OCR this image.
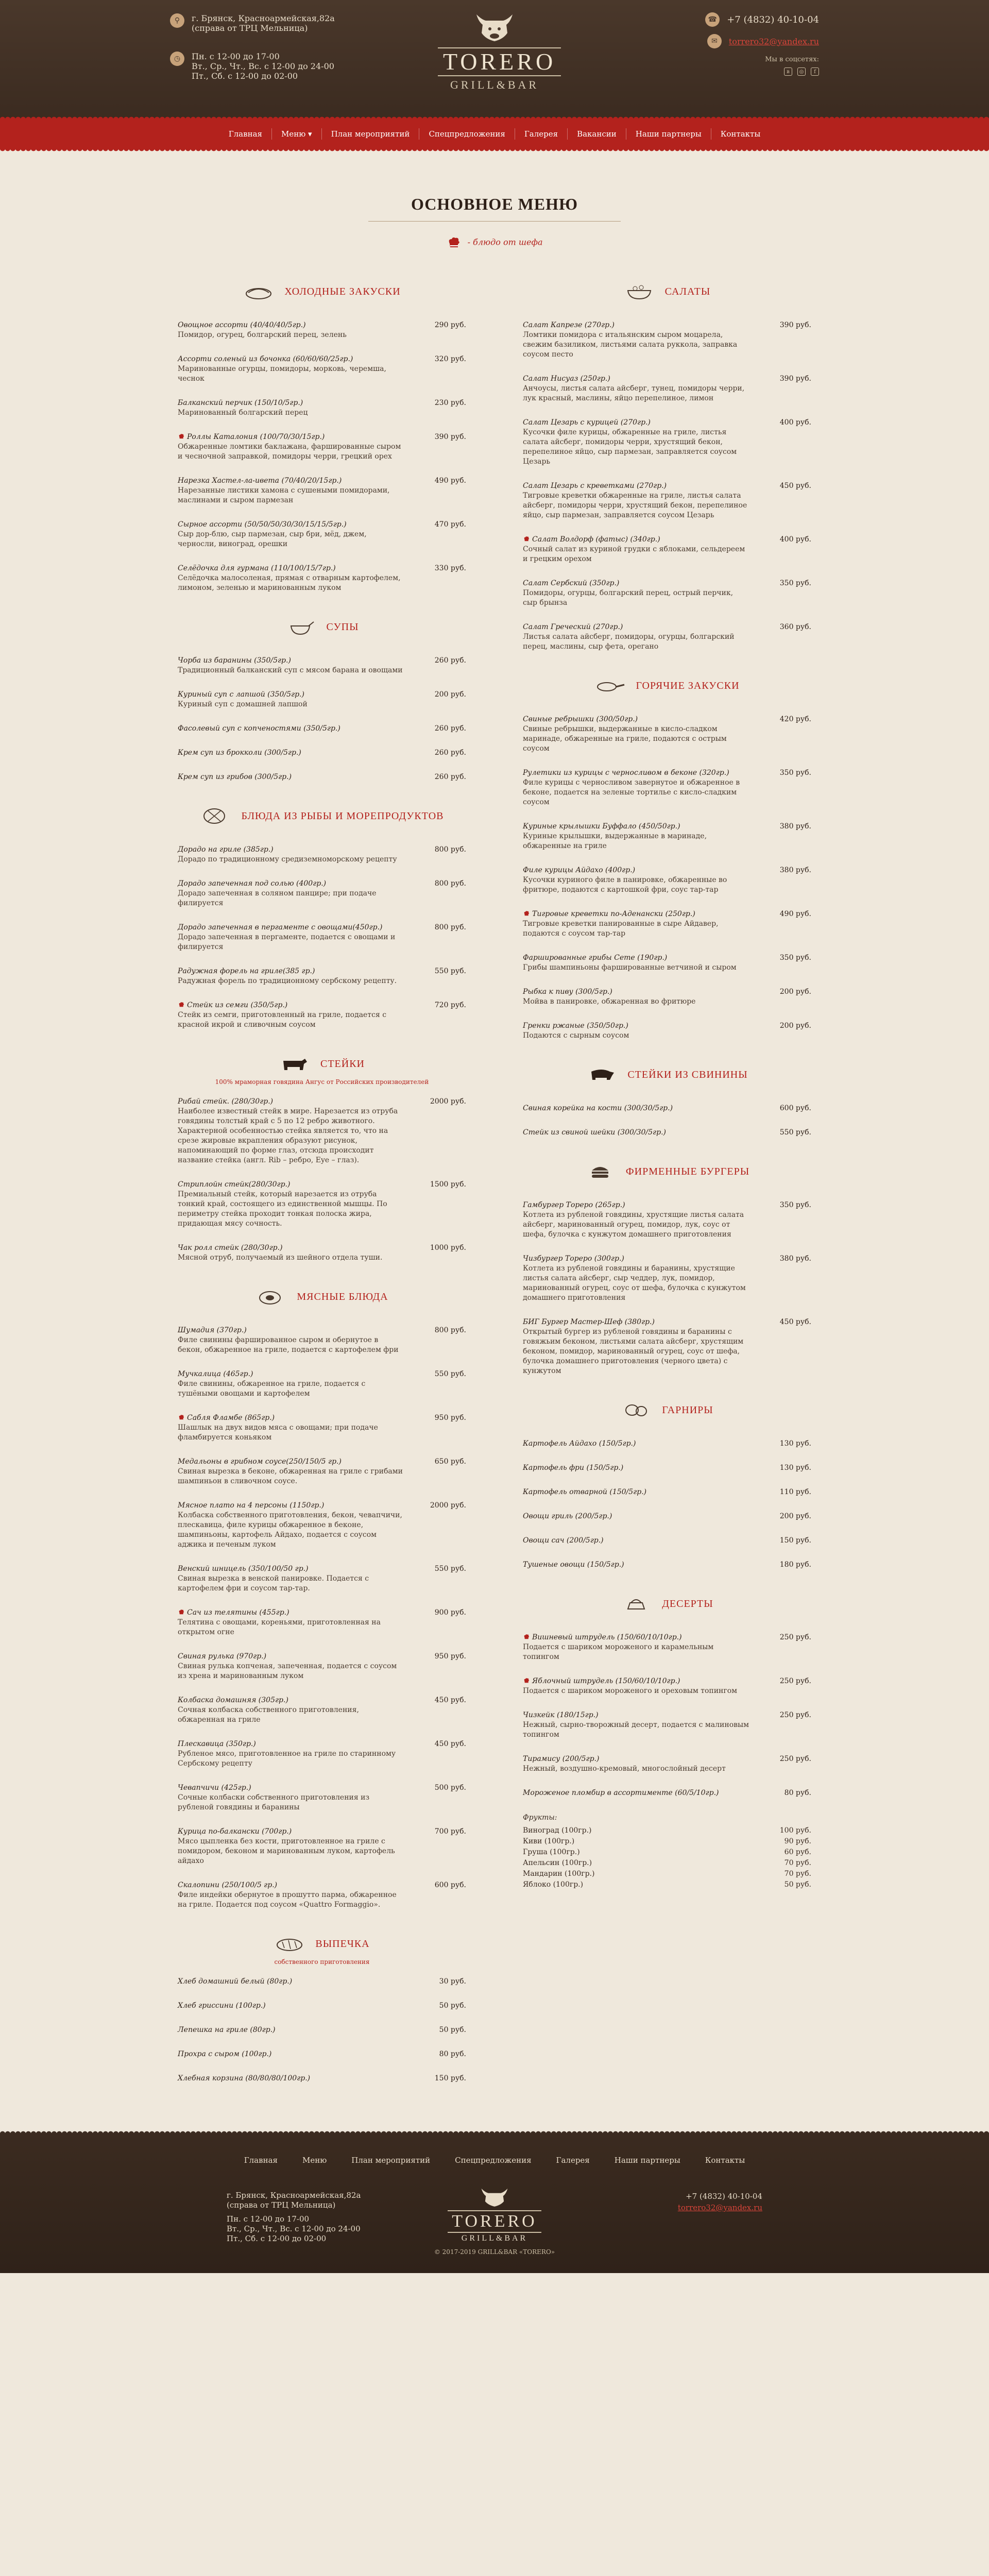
⚲	г. Брянск, Красноармейская,82а
(справа от ТРЦ Мельница)
◷	Пн. с 12-00 до 17-00
Вт., Ср., Чт., Вс. с 12-00 до 24-00
Пт., Сб. с 12-00 до 02-00
TORERO
GRILL&BAR
☎ +7 (4832) 40-10-04
✉	torrero32@yandex.ru
Мы в соцсетях:
в	◎	f
Главная	Меню ▾	План мероприятий	Спецпредложения	Галерея	Вакансии	Наши партнеры	Контакты
ОСНОВНОЕ МЕНЮ
- блюдо от шефа
ХОЛОДНЫЕ ЗАКУСКИ
Овощное ассорти (40/40/40/5гр.)
Помидор, огурец, болгарский перец, зелень
290 руб.
Ассорти соленый из бочонка (60/60/60/25гр.)
Маринованные огурцы, помидоры, морковь, черемша, чеснок
320 руб.
Балканский перчик (150/10/5гр.)
Маринованный болгарский перец
230 руб.
Роллы Каталония (100/70/30/15гр.)
Обжаренные ломтики баклажана, фаршированные сыром и чесночной заправкой, помидоры черри, грецкий орех
390 руб.
Нарезка Хастел-ла-ивета (70/40/20/15гр.)
Нарезанные листики хамона с сушеными помидорами, маслинами и сыром пармезан
490 руб.
Сырное ассорти (50/50/50/30/30/15/15/5гр.)
Сыр дор-блю, сыр пармезан, сыр бри, мёд, джем, черносли, виноград, орешки
470 руб.
Селёдочка для гурмана (110/100/15/7гр.)
Селёдочка малосоленая, прямая с отварным картофелем, лимоном, зеленью и маринованным луком
330 руб.
СУПЫ
Чорба из баранины (350/5гр.)
Традиционный балканский суп с мясом барана и овощами
260 руб.
Куриный суп с лапшой (350/5гр.)
Куриный суп с домашней лапшой
200 руб.
Фасолевый суп с копченостями (350/5гр.)	260 руб.
Крем суп из брокколи (300/5гр.)	260 руб.
Крем суп из грибов (300/5гр.)	260 руб.
БЛЮДА ИЗ РЫБЫ И МОРЕПРОДУКТОВ
Дорадо на гриле (385гр.)
Дорадо по традиционному средиземноморскому рецепту
800 руб.
Дорадо запеченная под солью (400гр.)
Дорадо запеченная в соляном панцире; при подаче филируется
800 руб.
Дорадо запеченная в пергаменте с овощами(450гр.)
Дорадо запеченная в пергаменте, подается с овощами и филируется
800 руб.
Радужная форель на гриле(385 гр.)
Радужная форель по традиционному сербскому рецепту.
550 руб.
Стейк из семги (350/5гр.)
Стейк из семги, приготовленный на гриле, подается с красной икрой и сливочным соусом
720 руб.
СТЕЙКИ
100% мраморная говядина Ангус от Российских производителей
Рибай стейк. (280/30гр.)
Наиболее известный стейк в мире. Нарезается из отруба говядины толстый край с 5 по 12 ребро животного. Характерной особенностью стейка является то, что на срезе жировые вкрапления образуют рисунок, напоминающий по форме глаз, отсюда происходит название стейка (англ. Rib – ребро, Eye – глаз).
2000 руб.
Стриплойн стейк(280/30гр.)
Премиальный стейк, который нарезается из отруба тонкий край, состоящего из единственной мышцы. По периметру стейка проходит тонкая полоска жира, придающая мясу сочность.
1500 руб.
Чак ролл стейк (280/30гр.)
Мясной отруб, получаемый из шейного отдела туши.
1000 руб.
МЯСНЫЕ БЛЮДА
Шумадия (370гр.)
Филе свинины фаршированное сыром и обернутое в бекон, обжаренное на гриле, подается с картофелем фри
800 руб.
Мучкалица (465гр.)
Филе свинины, обжаренное на гриле, подается с тушёными овощами и картофелем
550 руб.
Сабля Фламбе (865гр.)
Шашлык на двух видов мяса с овощами; при подаче фламбируется коньяком
950 руб.
Медальоны в грибном соусе(250/150/5 гр.)
Свиная вырезка в беконе, обжаренная на гриле с грибами шампиньон в сливочном соусе.
650 руб.
Мясное плато на 4 персоны (1150гр.)
Колбаска собственного приготовления, бекон, чевапчичи, плескавица, филе курицы обжаренное в беконе, шампиньоны, картофель Айдахо, подается с соусом аджика и печеным луком
2000 руб.
Венский шницель (350/100/50 гр.)
Свиная вырезка в венской панировке. Подается с картофелем фри и соусом тар-тар.
550 руб.
Сач из телятины (455гр.)
Телятина с овощами, кореньями, приготовленная на открытом огне
900 руб.
Свиная рулька (970гр.)
Свиная рулька копченая, запеченная, подается с соусом из хрена и маринованным луком
950 руб.
Колбаска домашняя (305гр.)
Сочная колбаска собственного приготовления, обжаренная на гриле
450 руб.
Плескавица (350гр.)
Рубленое мясо, приготовленное на гриле по старинному Сербскому рецепту
450 руб.
Чевапчичи (425гр.)
Сочные колбаски собственного приготовления из рубленой говядины и баранины
500 руб.
Курица по-балкански (700гр.)
Мясо цыпленка без кости, приготовленное на гриле с помидором, беконом и маринованным луком, картофель айдахо
700 руб.
Скалопини (250/100/5 гр.)
Филе индейки обернутое в прошутто парма, обжаренное на гриле. Подается под соусом «Quattro Formaggio».
600 руб.
ВЫПЕЧКА
собственного приготовления
Хлеб домашний белый (80гр.)	30 руб.
Хлеб гриссини (100гр.)	50 руб.
Лепешка на гриле (80гр.)	50 руб.
Прохра с сыром (100гр.)	80 руб.
Хлебная корзина (80/80/80/100гр.)	150 руб.
САЛАТЫ
Салат Капрезе (270гр.)
Ломтики помидора с итальянским сыром моцарела, свежим базиликом, листьями салата руккола, заправка соусом песто
390 руб.
Салат Нисуаз (250гр.)
Анчоусы, листья салата айсберг, тунец, помидоры черри, лук красный, маслины, яйцо перепелиное, лимон
390 руб.
Салат Цезарь с курицей (270гр.)
Кусочки филе курицы, обжаренные на гриле, листья салата айсберг, помидоры черри, хрустящий бекон, перепелиное яйцо, сыр пармезан, заправляется соусом Цезарь
400 руб.
Салат Цезарь с креветками (270гр.)
Тигровые креветки обжаренные на гриле, листья салата айсберг, помидоры черри, хрустящий бекон, перепелиное яйцо, сыр пармезан, заправляется соусом Цезарь
450 руб.
Салат Волдорф (фатыс) (340гр.)
Сочный салат из куриной грудки с яблоками, сельдереем и грецким орехом
400 руб.
Салат Сербский (350гр.)
Помидоры, огурцы, болгарский перец, острый перчик, сыр брынза
350 руб.
Салат Греческий (270гр.)
Листья салата айсберг, помидоры, огурцы, болгарский перец, маслины, сыр фета, орегано
360 руб.
ГОРЯЧИЕ ЗАКУСКИ
Свиные ребрышки (300/50гр.)
Свиные ребрышки, выдержанные в кисло-сладком маринаде, обжаренные на гриле, подаются с острым соусом
420 руб.
Рулетики из курицы с черносливом в беконе (320гр.)
Филе курицы с черносливом завернутое и обжаренное в беконе, подается на зеленые тортилье с кисло-сладким соусом
350 руб.
Куриные крылышки Буффало (450/50гр.)
Куриные крылышки, выдержанные в маринаде, обжаренные на гриле
380 руб.
Филе курицы Айдахо (400гр.)
Кусочки куриного филе в панировке, обжаренные во фритюре, подаются с картошкой фри, соус тар-тар
380 руб.
Тигровые креветки по-Аденански (250гр.)
Тигровые креветки панированные в сыре Айдавер, подаются с соусом тар-тар
490 руб.
Фаршированные грибы Сете (190гр.)
Грибы шампиньоны фаршированные ветчиной и сыром
350 руб.
Рыбка к пиву (300/5гр.)
Мойва в панировке, обжаренная во фритюре
200 руб.
Гренки ржаные (350/50гр.)
Подаются с сырным соусом
200 руб.
СТЕЙКИ ИЗ СВИНИНЫ
Свиная корейка на кости (300/30/5гр.)	600 руб.
Стейк из свиной шейки (300/30/5гр.)	550 руб.
ФИРМЕННЫЕ БУРГЕРЫ
Гамбургер Тореро (265гр.)
Котлета из рубленой говядины, хрустящие листья салата айсберг, маринованный огурец, помидор, лук, соус от шефа, булочка с кунжутом домашнего приготовления
350 руб.
Чизбургер Тореро (300гр.)
Котлета из рубленой говядины и баранины, хрустящие листья салата айсберг, сыр чеддер, лук, помидор, маринованный огурец, соус от шефа, булочка с кунжутом домашнего приготовления
380 руб.
БИГ Бургер Мастер-Шеф (380гр.)
Открытый бургер из рубленой говядины и баранины с говяжьим беконом, листьями салата айсберг, хрустящим беконом, помидор, маринованный огурец, соус от шефа, булочка домашнего приготовления (черного цвета) с кунжутом
450 руб.
ГАРНИРЫ
Картофель Айдахо (150/5гр.)	130 руб.
Картофель фри (150/5гр.)	130 руб.
Картофель отварной (150/5гр.)	110 руб.
Овощи гриль (200/5гр.)	200 руб.
Овощи сач (200/5гр.)	150 руб.
Тушеные овощи (150/5гр.)	180 руб.
ДЕСЕРТЫ
Вишневый штрудель (150/60/10/10гр.)
Подается с шариком мороженого и карамельным топингом
250 руб.
Яблочный штрудель (150/60/10/10гр.)
Подается с шариком мороженого и ореховым топингом
250 руб.
Чизкейк (180/15гр.)
Нежный, сырно-творожный десерт, подается с малиновым топингом
250 руб.
Тирамису (200/5гр.)
Нежный, воздушно-кремовый, многослойный десерт
250 руб.
Мороженое пломбир в ассортименте (60/5/10гр.)	80 руб.
Фрукты:
Виноград (100гр.)	100 руб.
Киви (100гр.)	90 руб.
Груша (100гр.)	60 руб.
Апельсин (100гр.)	70 руб.
Мандарин (100гр.)	70 руб.
Яблоко (100гр.)	50 руб.
Главная	Меню	План мероприятий	Спецпредложения	Галерея	Наши партнеры	Контакты
г. Брянск, Красноармейская,82а
(справа от ТРЦ Мельница)
Пн. с 12-00 до 17-00
Вт., Ср., Чт., Вс. с 12-00 до 24-00
Пт., Сб. с 12-00 до 02-00
TORERO
GRILL&BAR
© 2017-2019 GRILL&BAR «TORERO»
+7 (4832) 40-10-04
torrero32@yandex.ru
